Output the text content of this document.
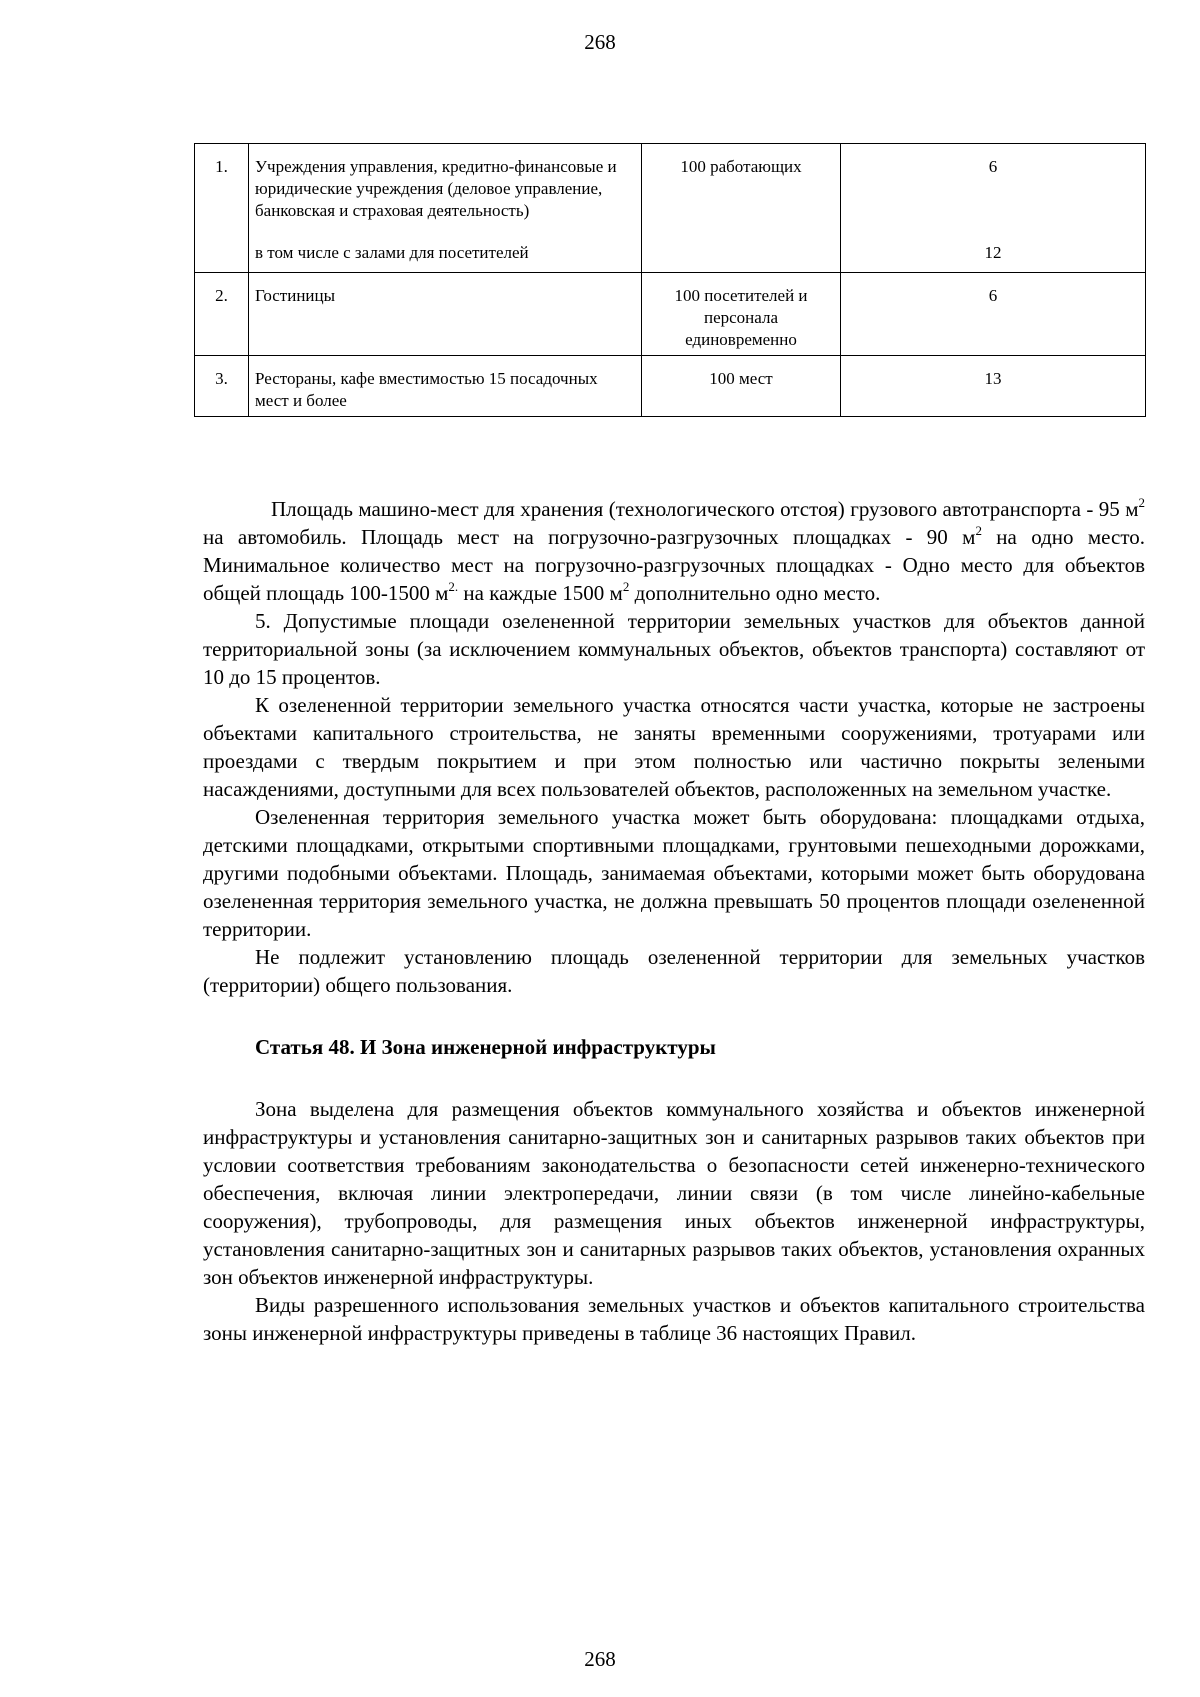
268
1.	Учреждения управления, кредитно-финансовые и юридические учреждения (деловое управление, банковская и страховая деятельность)	100 работающих	6
	в том числе с залами для посетителей		12
2.	Гостиницы	100 посетителей и персонала единовременно	6
3.	Рестораны, кафе вместимостью 15 посадочных мест и более	100 мест	13

Площадь машино-мест для хранения (технологического отстоя) грузового автотранспорта - 95 $м^2$ на автомобиль. Площадь мест на погрузочно-разгрузочных площадках - 90 $м^2$ на одно место. Минимальное количество мест на погрузочно-разгрузочных площадках - Одно место для объектов общей площадь 100-1500 $м^{2.}$ на каждые 1500 $м^2$ дополнительно одно место.

5. Допустимые площади озелененной территории земельных участков для объектов данной территориальной зоны (за исключением коммунальных объектов, объектов транспорта) составляют от 10 до 15 процентов.

К озелененной территории земельного участка относятся части участка, которые не застроены объектами капитального строительства, не заняты временными сооружениями, тротуарами или проездами с твердым покрытием и при этом полностью или частично покрыты зелеными насаждениями, доступными для всех пользователей объектов, расположенных на земельном участке.

Озелененная территория земельного участка может быть оборудована: площадками отдыха, детскими площадками, открытыми спортивными площадками, грунтовыми пешеходными дорожками, другими подобными объектами. Площадь, занимаемая объектами, которыми может быть оборудована озелененная территория земельного участка, не должна превышать 50 процентов площади озелененной территории.

Не подлежит установлению площадь озелененной территории для земельных участков (территории) общего пользования.

Статья 48. И Зона инженерной инфраструктуры

Зона выделена для размещения объектов коммунального хозяйства и объектов инженерной инфраструктуры и установления санитарно-защитных зон и санитарных разрывов таких объектов при условии соответствия требованиям законодательства о безопасности сетей инженерно-технического обеспечения, включая линии электропередачи, линии связи (в том числе линейно-кабельные сооружения), трубопроводы, для размещения иных объектов инженерной инфраструктуры, установления санитарно-защитных зон и санитарных разрывов таких объектов, установления охранных зон объектов инженерной инфраструктуры.

Виды разрешенного использования земельных участков и объектов капитального строительства зоны инженерной инфраструктуры приведены в таблице 36 настоящих Правил.

268
